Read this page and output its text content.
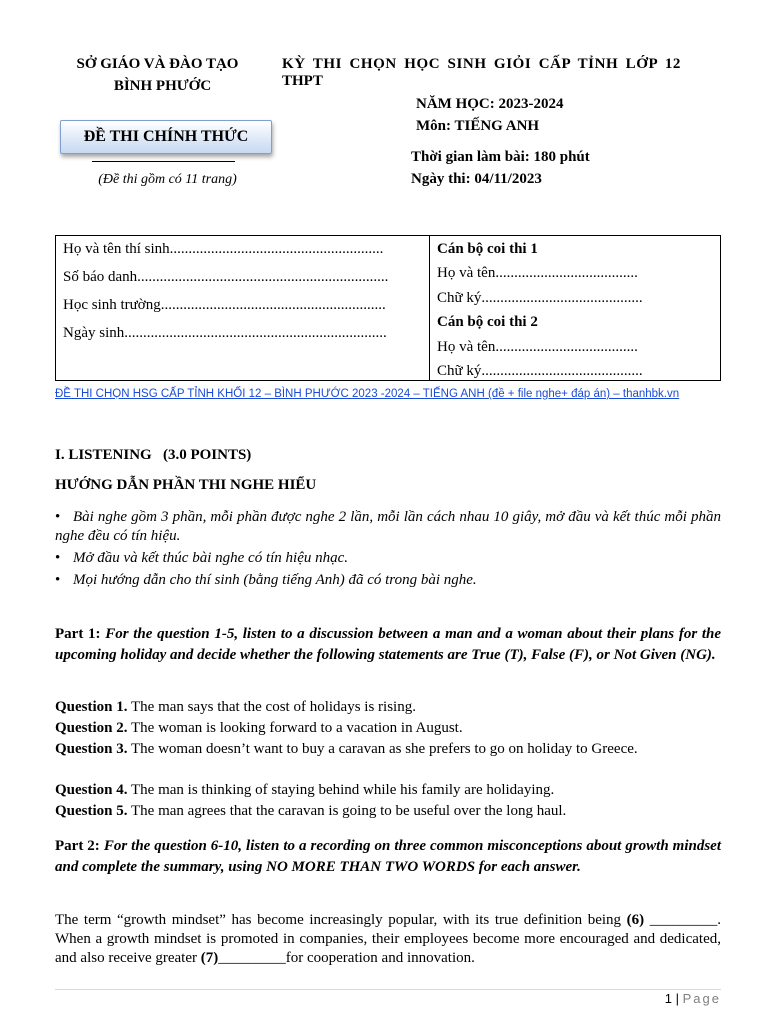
SỞ GIÁO VÀ ĐÀO TẠO
BÌNH PHƯỚC
KỲ THI CHỌN HỌC SINH GIỎI CẤP TỈNH LỚP 12
THPT
NĂM HỌC: 2023-2024
Môn: TIẾNG ANH
ĐỀ THI CHÍNH THỨC
(Đề thi gồm có 11 trang)
Thời gian làm bài: 180 phút
Ngày thi: 04/11/2023
Họ và tên thí sinh.........................................................
Số báo danh...................................................................
Học sinh trường............................................................
Ngày sinh......................................................................
Cán bộ coi thi 1
Họ và tên......................................
Chữ ký...........................................
Cán bộ coi thi 2
Họ và tên......................................
Chữ ký...........................................
ĐỀ THI CHỌN HSG CẤP TỈNH KHỐI 12 – BÌNH PHƯỚC 2023 -2024 – TIẾNG ANH (đề + file nghe+ đáp án) – thanhbk.vn
I. LISTENING   (3.0 POINTS)
HƯỚNG DẪN PHẦN THI NGHE HIỂU
• Bài nghe gồm 3 phần, mỗi phần được nghe 2 lần, mỗi lần cách nhau 10 giây, mở đầu và kết thúc mỗi phần nghe đều có tín hiệu.
• Mở đầu và kết thúc bài nghe có tín hiệu nhạc.
• Mọi hướng dẫn cho thí sinh (bằng tiếng Anh) đã có trong bài nghe.
Part 1: For the question 1-5, listen to a discussion between a man and a woman about their plans for the upcoming holiday and decide whether the following statements are True (T), False (F), or Not Given (NG).
Question 1. The man says that the cost of holidays is rising.
Question 2. The woman is looking forward to a vacation in August.
Question 3. The woman doesn’t want to buy a caravan as she prefers to go on holiday to Greece.
Question 4. The man is thinking of staying behind while his family are holidaying.
Question 5. The man agrees that the caravan is going to be useful over the long haul.
Part 2: For the question 6-10, listen to a recording on three common misconceptions about growth mindset and complete the summary, using NO MORE THAN TWO WORDS for each answer.
The term “growth mindset” has become increasingly popular, with its true definition being (6) _________. When a growth mindset is promoted in companies, their employees become more encouraged and dedicated, and also receive greater (7)_________for cooperation and innovation.
1 | Page
